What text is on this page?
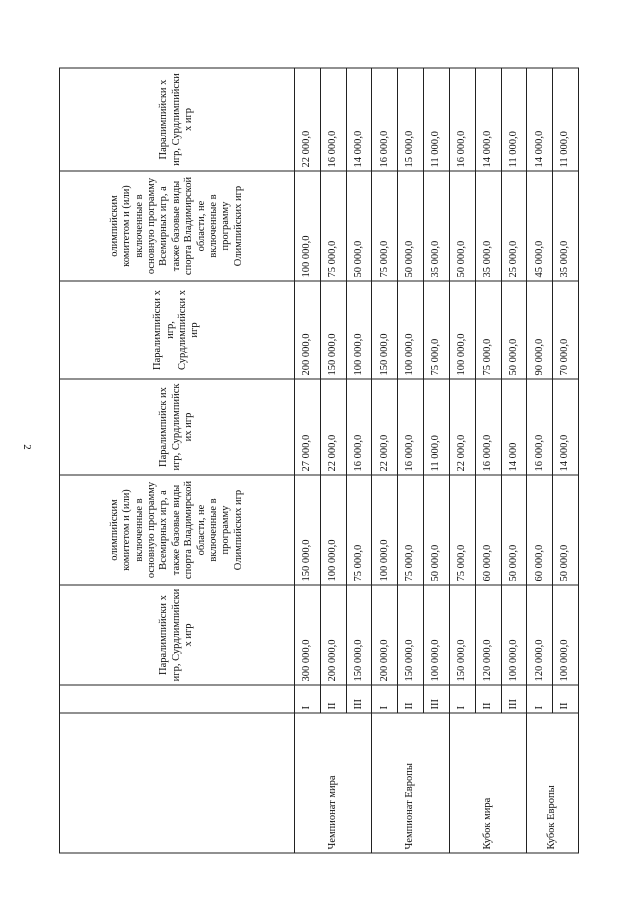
2
		Паралимпийски х игр, Сурдлимпийски х игр	олимпийским комитетом и (или) включенные в основную программу Всемирных игр, а также базовые виды спорта Владимирской области, не включенные в программу Олимпийских игр	Паралимпийск их игр, Сурдлимпийск их игр	Паралимпийски х игр, Сурдлимпийски х игр	олимпийским комитетом и (или) включенные в основную программу Всемирных игр, а также базовые виды спорта Владимирской области, не включенные в программу Олимпийских игр	Паралимпийски х игр, Сурдлимпийски х игр
Чемпионат мира	I	300 000,0	150 000,0	27 000,0	200 000,0	100 000,0	22 000,0
	II	200 000,0	100 000,0	22 000,0	150 000,0	75 000,0	16 000,0
	III	150 000,0	75 000,0	16 000,0	100 000,0	50 000,0	14 000,0
Чемпионат Европы	I	200 000,0	100 000,0	22 000,0	150 000,0	75 000,0	16 000,0
	II	150 000,0	75 000,0	16 000,0	100 000,0	50 000,0	15 000,0
	III	100 000,0	50 000,0	11 000,0	75 000,0	35 000,0	11 000,0
Кубок мира	I	150 000,0	75 000,0	22 000,0	100 000,0	50 000,0	16 000,0
	II	120 000,0	60 000,0	16 000,0	75 000,0	35 000,0	14 000,0
	III	100 000,0	50 000,0	14 000	50 000,0	25 000,0	11 000,0
Кубок Европы	I	120 000,0	60 000,0	16 000,0	90 000,0	45 000,0	14 000,0
	II	100 000,0	50 000,0	14 000,0	70 000,0	35 000,0	11 000,0
